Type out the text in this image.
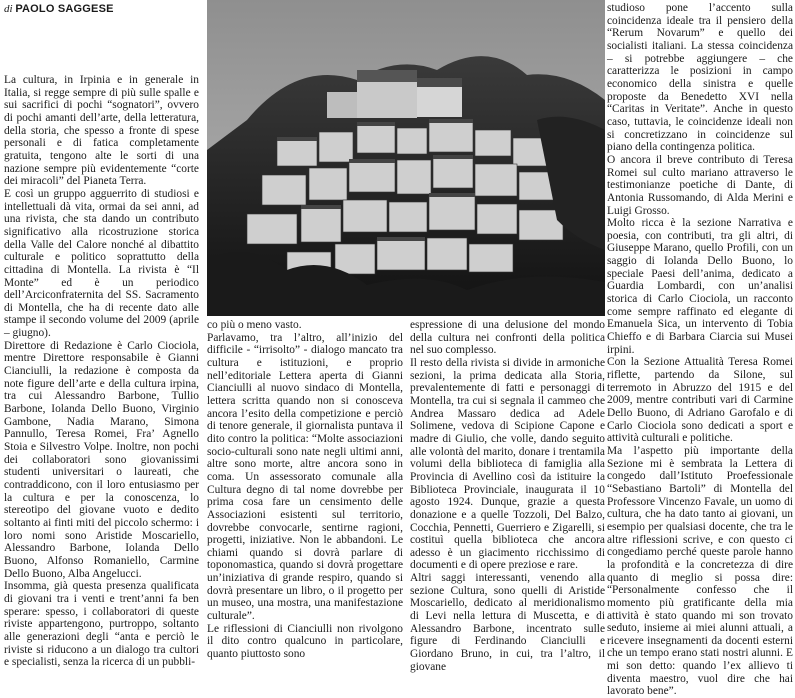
di PAOLO SAGGESE

La cultura, in Irpinia e in generale in Italia, si regge sempre di più sulle spalle e sui sacrifici di pochi “sognatori”, ovvero di pochi amanti dell’arte, della letteratura, della storia, che spesso a fronte di spese personali e di fatica completamente gratuita, tengono alte le sorti di una nazione sempre più evidentemente “corte dei miracoli” del Pianeta Terra.

E così un gruppo agguerrito di studiosi e intellettuali dà vita, ormai da sei anni, ad una rivista, che sta dando un contributo significativo alla ricostruzione storica della Valle del Calore nonché al dibattito culturale e politico soprattutto della cittadina di Montella. La rivista è “Il Monte” ed è un periodico dell’Arciconfraternita del SS. Sacramento di Montella, che ha di recente dato alle stampe il secondo volume del 2009 (aprile – giugno).

Direttore di Redazione è Carlo Ciociola, mentre Direttore responsabile è Gianni Cianciulli, la redazione è composta da note figure dell’arte e della cultura irpina, tra cui Alessandro Barbone, Tullio Barbone, Iolanda Dello Buono, Virginio Gambone, Nadia Marano, Simona Pannullo, Teresa Romei, Fra’ Agnello Stoia e Silvestro Volpe. Inoltre, non pochi dei collaboratori sono giovanissimi studenti universitari o laureati, che contraddicono, con il loro entusiasmo per la cultura e per la conoscenza, lo stereotipo del giovane vuoto e dedito soltanto ai finti miti del piccolo schermo: i loro nomi sono Aristide Moscariello, Alessandro Barbone, Iolanda Dello Buono, Alfonso Romaniello, Carmine Dello Buono, Alba Angelucci.

Insomma, già questa presenza qualificata di giovani tra i venti e trent’anni fa ben sperare: spesso, i collaboratori di queste riviste appartengono, purtroppo, soltanto alle generazioni degli “anta e perciò le riviste si riducono a un dialogo tra cultori e specialisti, senza la ricerca di un pubbli-

co più o meno vasto.

Parlavamo, tra l’altro, all’inizio del difficile - “irrisolto” - dialogo mancato tra cultura e istituzioni, e proprio nell’editoriale Lettera aperta di Gianni Cianciulli al nuovo sindaco di Montella, lettera scritta quando non si conosceva ancora l’esito della competizione e perciò di tenore generale, il giornalista puntava il dito contro la politica: “Molte associazioni socio-culturali sono nate negli ultimi anni, altre sono morte, altre ancora sono in coma. Un assessorato comunale alla Cultura degno di tal nome dovrebbe per prima cosa fare un censimento delle Associazioni esistenti sul territorio, dovrebbe convocarle, sentirne ragioni, progetti, iniziative. Non le abbandoni. Le chiami quando si dovrà parlare di toponomastica, quando si dovrà progettare un’iniziativa di grande respiro, quando si dovrà presentare un libro, o il progetto per un museo, una mostra, una manifestazione culturale”.

Le riflessioni di Cianciulli non rivolgono il dito contro qualcuno in particolare, quanto piuttosto sono

espressione di una delusione del mondo della cultura nei confronti della politica nel suo complesso.

Il resto della rivista si divide in armoniche sezioni, la prima dedicata alla Storia, prevalentemente di fatti e personaggi di Montella, tra cui si segnala il cammeo che Andrea Massaro dedica ad Adele Solimene, vedova di Scipione Capone e madre di Giulio, che volle, dando seguito alle volontà del marito, donare i trentamila volumi della biblioteca di famiglia alla Provincia di Avellino così da istituire la Biblioteca Provinciale, inaugurata il 10 agosto 1924. Dunque, grazie a questa donazione e a quelle Tozzoli, Del Balzo, Cocchia, Pennetti, Guerriero e Zigarelli, si costituì quella biblioteca che ancora adesso è un giacimento ricchissimo di documenti e di opere preziose e rare.

Altri saggi interessanti, venendo alla sezione Cultura, sono quelli di Aristide Moscariello, dedicato al meridionalismo di Levi nella lettura di Muscetta, e di Alessandro Barbone, incentrato sulle figure di Ferdinando Cianciulli e Giordano Bruno, in cui, tra l’altro, il giovane

studioso pone l’accento sulla coincidenza ideale tra il pensiero della “Rerum Novarum” e quello dei socialisti italiani. La stessa coincidenza – si potrebbe aggiungere – che caratterizza le posizioni in campo economico della sinistra e quelle proposte da Benedetto XVI nella “Caritas in Veritate”. Anche in questo caso, tuttavia, le coincidenze ideali non si concretizzano in coincidenze sul piano della contingenza politica.

O ancora il breve contributo di Teresa Romei sul culto mariano attraverso le testimonianze poetiche di Dante, di Antonia Russomando, di Alda Merini e Luigi Grosso.

Molto ricca è la sezione Narrativa e poesia, con contributi, tra gli altri, di Giuseppe Marano, quello Profili, con un saggio di Iolanda Dello Buono, lo speciale Paesi dell’anima, dedicato a Guardia Lombardi, con un’analisi storica di Carlo Ciociola, un racconto come sempre raffinato ed elegante di Emanuela Sica, un intervento di Tobia Chieffo e di Barbara Ciarcia sui Musei irpini.

Con la Sezione Attualità Teresa Romei riflette, partendo da Silone, sul terremoto in Abruzzo del 1915 e del 2009, mentre contributi vari di Carmine Dello Buono, di Adriano Garofalo e di Carlo Ciociola sono dedicati a sport e attività culturali e politiche.

Ma l’aspetto più importante della Sezione mi è sembrata la Lettera di congedo dall’Istituto Proefessionale “Sebastiano Bartoli” di Montella del Professore Vincenzo Favale, un uomo di cultura, che ha dato tanto ai giovani, un esempio per qualsiasi docente, che tra le altre riflessioni scrive, e con questo ci congediamo perché queste parole hanno la profondità e la concretezza di dire quanto di meglio si possa dire: “Personalmente confesso che il momento più gratificante della mia attività è stato quando mi son trovato seduto, insieme ai miei alunni attuali, a ricevere insegnamenti da docenti esterni che un tempo erano stati nostri alunni. E mi son detto: quando l’ex allievo ti diventa maestro, vuol dire che hai lavorato bene”.
